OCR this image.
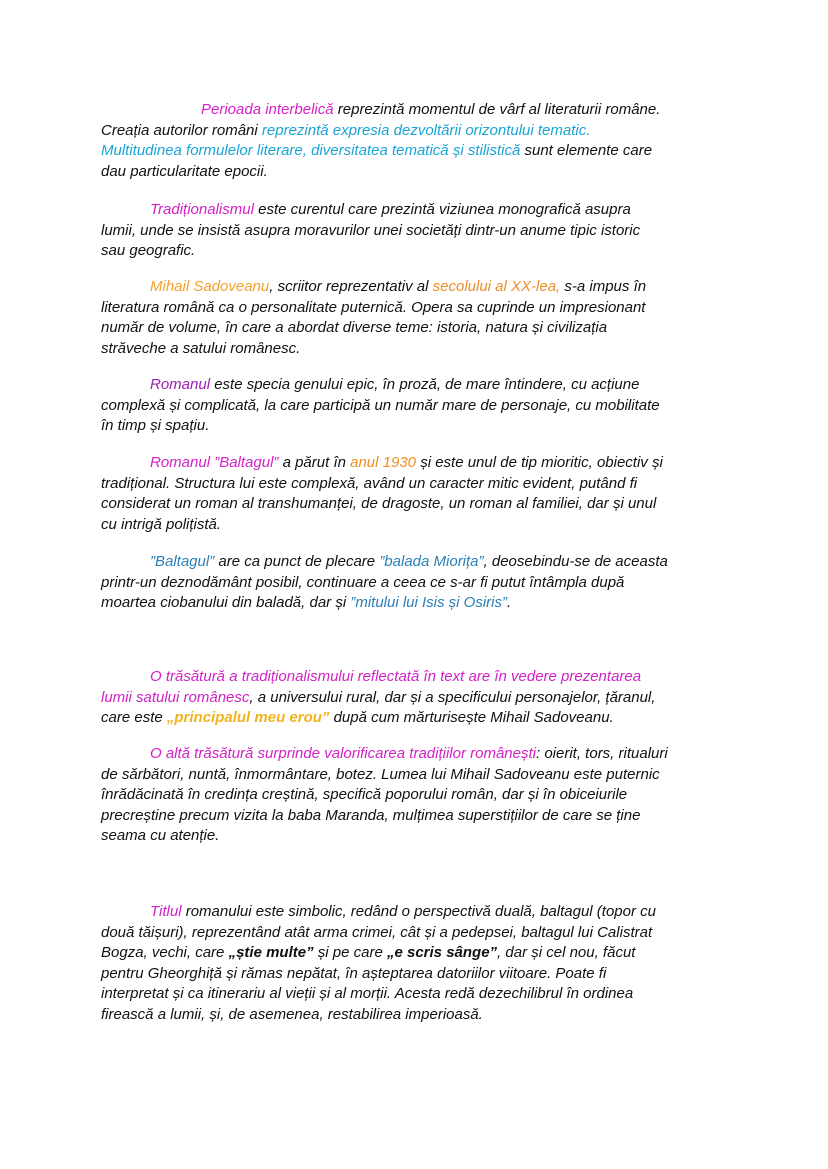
Perioada interbelică reprezintă momentul de vârf al literaturii române.
Creația autorilor români reprezintă expresia dezvoltării orizontului tematic.
Multitudinea formulelor literare, diversitatea tematică și stilistică sunt elemente care
dau particularitate epocii.

Tradiționalismul este curentul care prezintă viziunea monografică asupra
lumii, unde se insistă asupra moravurilor unei societăți dintr-un anume tipic istoric
sau geografic.

Mihail Sadoveanu, scriitor reprezentativ al secolului al XX-lea, s-a impus în
literatura română ca o personalitate puternică. Opera sa cuprinde un impresionant
număr de volume, în care a abordat diverse teme: istoria, natura și civilizația
străveche a satului românesc.

Romanul este specia genului epic, în proză, de mare întindere, cu acțiune
complexă și complicată, la care participă un număr mare de personaje, cu mobilitate
în timp și spațiu.

Romanul ”Baltagul” a părut în anul 1930 și este unul de tip mioritic, obiectiv și
tradițional. Structura lui este complexă, având un caracter mitic evident, putând fi
considerat un roman al transhumanței, de dragoste, un roman al familiei, dar și unul
cu intrigă polițistă.

”Baltagul” are ca punct de plecare ”balada Miorița”, deosebindu-se de aceasta
printr-un deznodământ posibil, continuare a ceea ce s-ar fi putut întâmpla după
moartea ciobanului din baladă, dar și ”mitului lui Isis și Osiris”.

O trăsătură a tradiționalismului reflectată în text are în vedere prezentarea
lumii satului românesc, a universului rural, dar și a specificului personajelor, țăranul,
care este „principalul meu erou” după cum mărturisește Mihail Sadoveanu.

O altă trăsătură surprinde valorificarea tradițiilor românești: oierit, tors, ritualuri
de sărbători, nuntă, înmormântare, botez. Lumea lui Mihail Sadoveanu este puternic
înrădăcinată în credința creștină, specifică poporului român, dar și în obiceiurile
precreștine precum vizita la baba Maranda, mulțimea superstițiilor de care se ține
seama cu atenție.

Titlul romanului este simbolic, redând o perspectivă duală, baltagul (topor cu
două tăișuri), reprezentând atât arma crimei, cât și a pedepsei, baltagul lui Calistrat
Bogza, vechi, care „știe multe” și pe care „e scris sânge”, dar și cel nou, făcut
pentru Gheorghiță și rămas nepătat, în așteptarea datoriilor viitoare. Poate fi
interpretat și ca itinerariu al vieții și al morții. Acesta redă dezechilibrul în ordinea
firească a lumii, și, de asemenea, restabilirea imperioasă.
